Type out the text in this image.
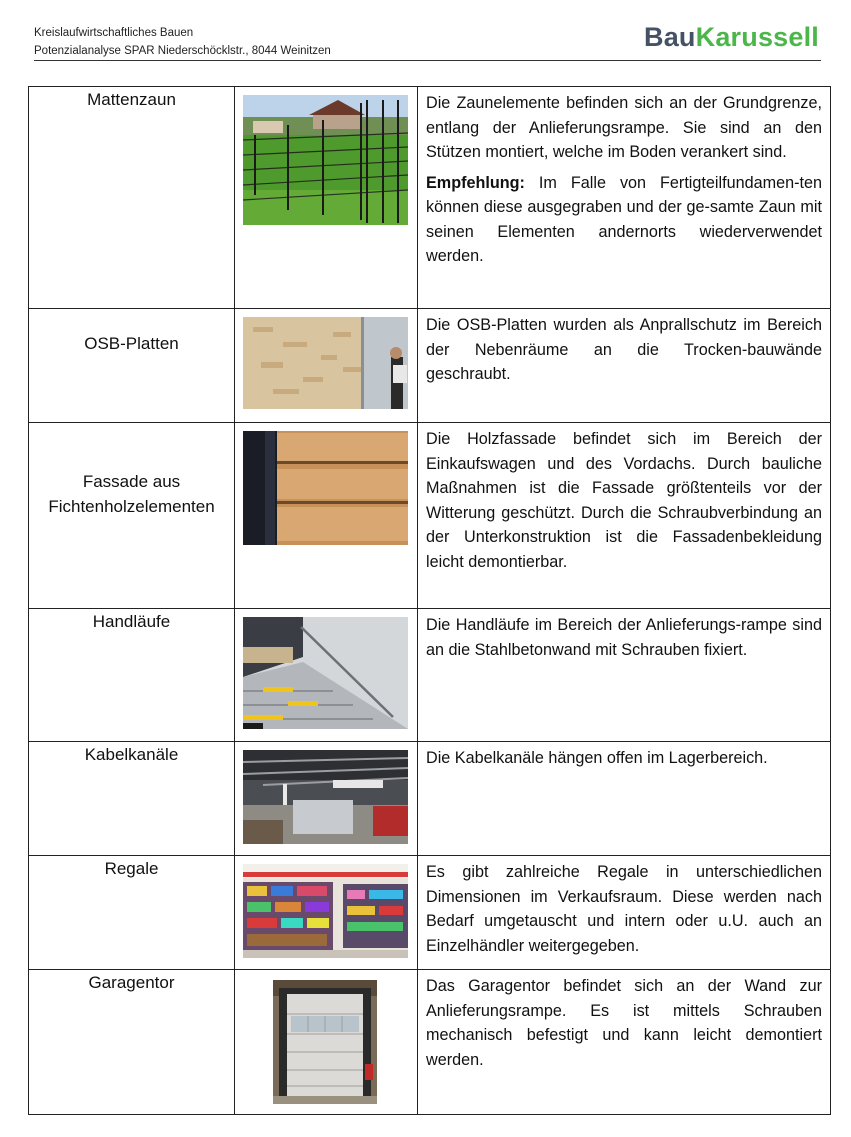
Kreislaufwirtschaftliches Bauen
Potenzialanalyse SPAR Niederschöcklstr., 8044 Weinitzen	BauKarussell
Mattenzaun		Die Zaunelemente befinden sich an der Grundgrenze, entlang der Anlieferungsrampe. Sie sind an den Stützen montiert, welche im Boden verankert sind.

Empfehlung: Im Falle von Fertigteilfundamen-ten können diese ausgegraben und der ge-samte Zaun mit seinen Elementen andernorts wiederverwendet werden.

OSB-Platten		Die OSB-Platten wurden als Anprallschutz im Bereich der Nebenräume an die Trocken-bauwände geschraubt.

Fassade aus Fichtenholzelementen		Die Holzfassade befindet sich im Bereich der Einkaufswagen und des Vordachs. Durch bauliche Maßnahmen ist die Fassade größtenteils vor der Witterung geschützt. Durch die Schraubverbindung an der Unterkonstruktion ist die Fassadenbekleidung leicht demontierbar.

Handläufe		Die Handläufe im Bereich der Anlieferungs-rampe sind an die Stahlbetonwand mit Schrauben fixiert.

Kabelkanäle		Die Kabelkanäle hängen offen im Lagerbereich.

Regale		Es gibt zahlreiche Regale in unterschiedlichen Dimensionen im Verkaufsraum. Diese werden nach Bedarf umgetauscht und intern oder u.U. auch an Einzelhändler weitergegeben.

Garagentor		Das Garagentor befindet sich an der Wand zur Anlieferungsrampe. Es ist mittels Schrauben mechanisch befestigt und kann leicht demontiert werden.
